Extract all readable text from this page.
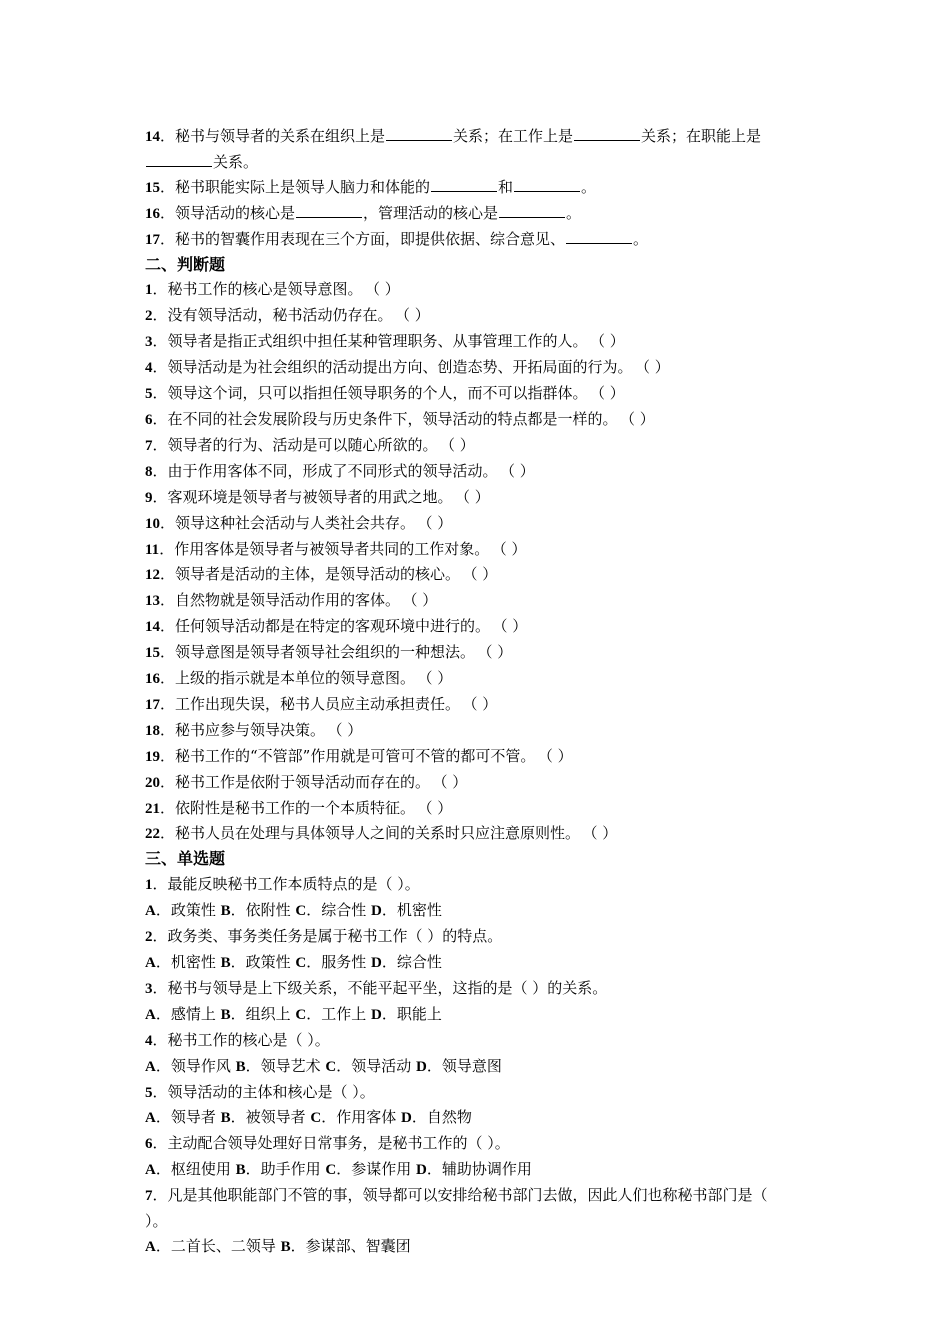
14．秘书与领导者的关系在组织上是	关系；在工作上是	关系；在职能上是关系。
15．秘书职能实际上是领导人脑力和体能的	和	。
16．领导活动的核心是	，管理活动的核心是	。
17．秘书的智囊作用表现在三个方面，即提供依据、综合意见、	。
二、判断题
1．秘书工作的核心是领导意图。 （ ）
2．没有领导活动，秘书活动仍存在。 （ ）
3．领导者是指正式组织中担任某种管理职务、从事管理工作的人。 （ ）
4．领导活动是为社会组织的活动提出方向、创造态势、开拓局面的行为。 （ ）
5．领导这个词，只可以指担任领导职务的个人，而不可以指群体。 （ ）
6．在不同的社会发展阶段与历史条件下，领导活动的特点都是一样的。 （ ）
7．领导者的行为、活动是可以随心所欲的。 （ ）
8．由于作用客体不同，形成了不同形式的领导活动。 （ ）
9．客观环境是领导者与被领导者的用武之地。 （ ）
10．领导这种社会活动与人类社会共存。 （ ）
11．作用客体是领导者与被领导者共同的工作对象。 （ ）
12．领导者是活动的主体，是领导活动的核心。 （ ）
13．自然物就是领导活动作用的客体。 （ ）
14．任何领导活动都是在特定的客观环境中进行的。 （ ）
15．领导意图是领导者领导社会组织的一种想法。 （ ）
16．上级的指示就是本单位的领导意图。 （ ）
17．工作出现失误，秘书人员应主动承担责任。 （ ）
18．秘书应参与领导决策。 （ ）
19．秘书工作的“不管部”作用就是可管可不管的都可不管。 （ ）
20．秘书工作是依附于领导活动而存在的。 （ ）
21．依附性是秘书工作的一个本质特征。 （ ）
22．秘书人员在处理与具体领导人之间的关系时只应注意原则性。 （ ）
三、单选题
1．最能反映秘书工作本质特点的是（ ）。
A．政策性 B．依附性 C．综合性 D．机密性
2．政务类、事务类任务是属于秘书工作（ ）的特点。
A．机密性 B．政策性 C．服务性 D．综合性
3．秘书与领导是上下级关系，不能平起平坐，这指的是（ ）的关系。
A．感情上 B．组织上 C．工作上 D．职能上
4．秘书工作的核心是（ ）。
A．领导作风 B．领导艺术 C．领导活动 D．领导意图
5．领导活动的主体和核心是（ ）。
A．领导者 B．被领导者 C．作用客体 D．自然物
6．主动配合领导处理好日常事务，是秘书工作的（ ）。
A．枢纽使用 B．助手作用 C．参谋作用 D．辅助协调作用
7．凡是其他职能部门不管的事，领导都可以安排给秘书部门去做，因此人们也称秘书部门是（ ）。
A．二首长、二领导 B．参谋部、智囊团
